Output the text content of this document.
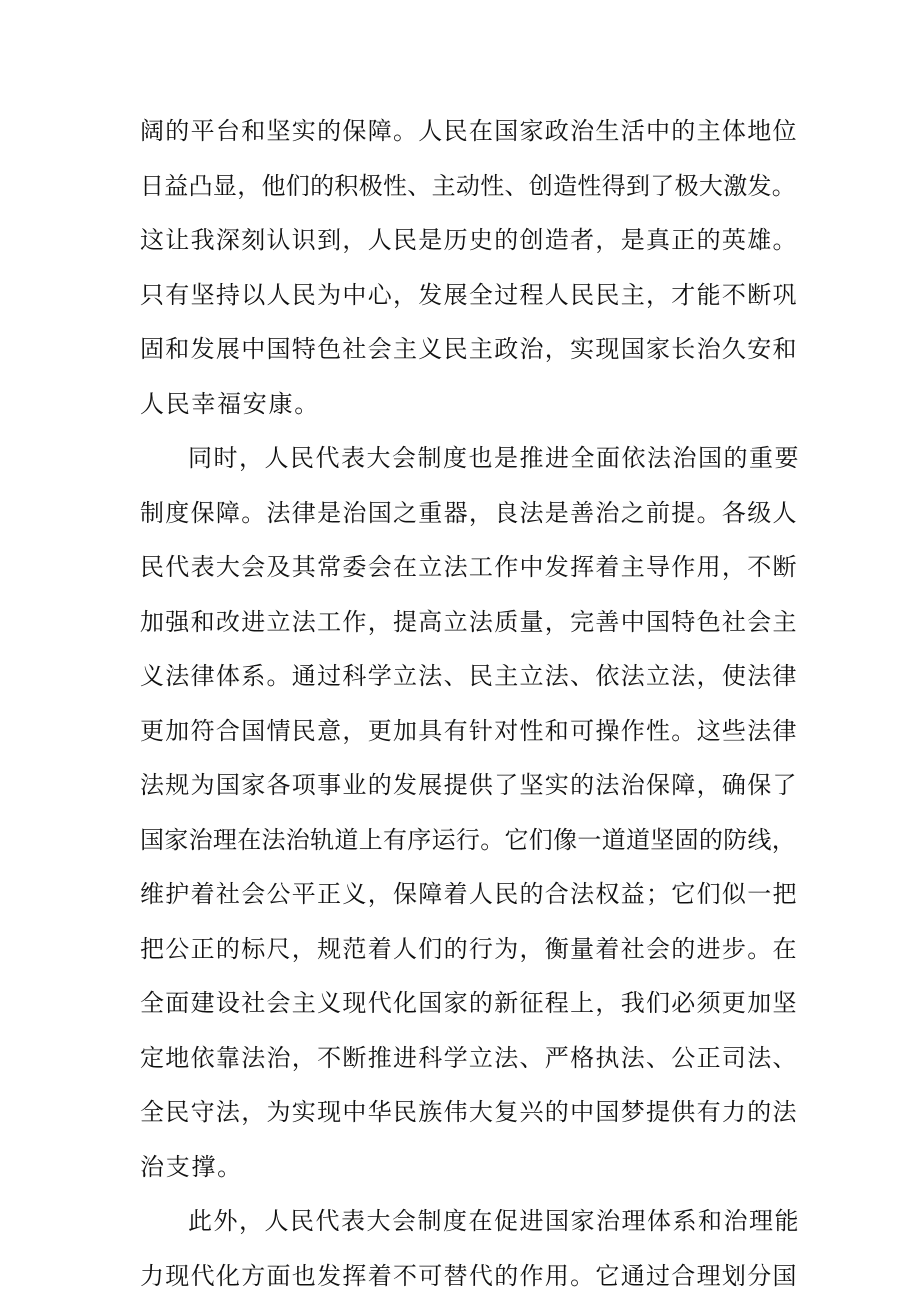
阔的平台和坚实的保障。人民在国家政治生活中的主体地位
日益凸显，他们的积极性、主动性、创造性得到了极大激发。
这让我深刻认识到，人民是历史的创造者，是真正的英雄。
只有坚持以人民为中心，发展全过程人民民主，才能不断巩
固和发展中国特色社会主义民主政治，实现国家长治久安和
人民幸福安康。
同时，人民代表大会制度也是推进全面依法治国的重要
制度保障。法律是治国之重器，良法是善治之前提。各级人
民代表大会及其常委会在立法工作中发挥着主导作用，不断
加强和改进立法工作，提高立法质量，完善中国特色社会主
义法律体系。通过科学立法、民主立法、依法立法，使法律
更加符合国情民意，更加具有针对性和可操作性。这些法律
法规为国家各项事业的发展提供了坚实的法治保障，确保了
国家治理在法治轨道上有序运行。它们像一道道坚固的防线，
维护着社会公平正义，保障着人民的合法权益；它们似一把
把公正的标尺，规范着人们的行为，衡量着社会的进步。在
全面建设社会主义现代化国家的新征程上，我们必须更加坚
定地依靠法治，不断推进科学立法、严格执法、公正司法、
全民守法，为实现中华民族伟大复兴的中国梦提供有力的法
治支撑。
此外，人民代表大会制度在促进国家治理体系和治理能
力现代化方面也发挥着不可替代的作用。它通过合理划分国
